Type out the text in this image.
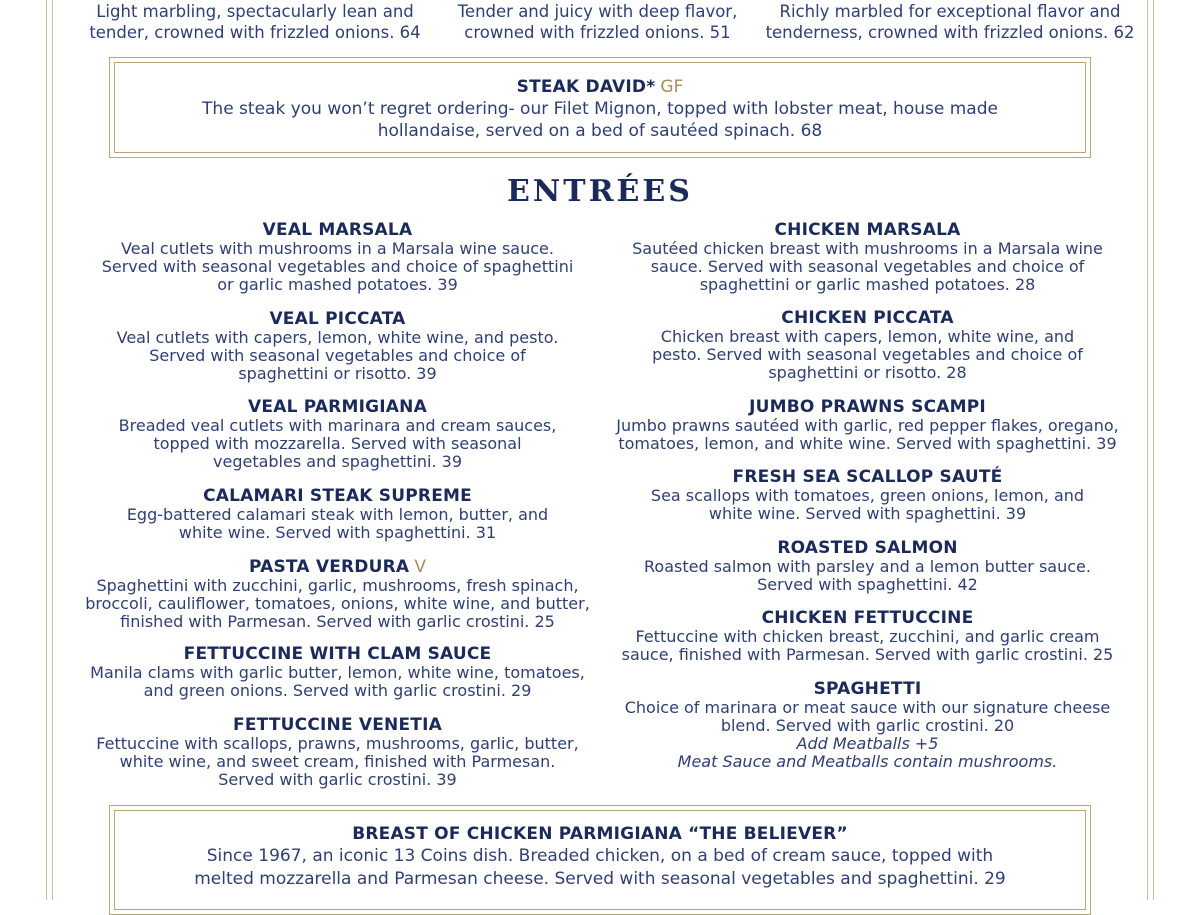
Light marbling, spectacularly lean and
tender, crowned with frizzled onions. 64
Tender and juicy with deep flavor,
crowned with frizzled onions. 51
Richly marbled for exceptional flavor and
tenderness, crowned with frizzled onions. 62
STEAK DAVID* GF
The steak you won’t regret ordering- our Filet Mignon, topped with lobster meat, house made
hollandaise, served on a bed of sautéed spinach. 68
ENTRÉES
VEAL MARSALA
Veal cutlets with mushrooms in a Marsala wine sauce.
Served with seasonal vegetables and choice of spaghettini
or garlic mashed potatoes. 39
VEAL PICCATA
Veal cutlets with capers, lemon, white wine, and pesto.
Served with seasonal vegetables and choice of
spaghettini or risotto. 39
VEAL PARMIGIANA
Breaded veal cutlets with marinara and cream sauces,
topped with mozzarella. Served with seasonal
vegetables and spaghettini. 39
CALAMARI STEAK SUPREME
Egg-battered calamari steak with lemon, butter, and
white wine. Served with spaghettini. 31
PASTA VERDURA V
Spaghettini with zucchini, garlic, mushrooms, fresh spinach,
broccoli, cauliflower, tomatoes, onions, white wine, and butter,
finished with Parmesan. Served with garlic crostini. 25
FETTUCCINE WITH CLAM SAUCE
Manila clams with garlic butter, lemon, white wine, tomatoes,
and green onions. Served with garlic crostini. 29
FETTUCCINE VENETIA
Fettuccine with scallops, prawns, mushrooms, garlic, butter,
white wine, and sweet cream, finished with Parmesan.
Served with garlic crostini. 39
CHICKEN MARSALA
Sautéed chicken breast with mushrooms in a Marsala wine
sauce. Served with seasonal vegetables and choice of
spaghettini or garlic mashed potatoes. 28
CHICKEN PICCATA
Chicken breast with capers, lemon, white wine, and
pesto. Served with seasonal vegetables and choice of
spaghettini or risotto. 28
JUMBO PRAWNS SCAMPI
Jumbo prawns sautéed with garlic, red pepper flakes, oregano,
tomatoes, lemon, and white wine. Served with spaghettini. 39
FRESH SEA SCALLOP SAUTÉ
Sea scallops with tomatoes, green onions, lemon, and
white wine. Served with spaghettini. 39
ROASTED SALMON
Roasted salmon with parsley and a lemon butter sauce.
Served with spaghettini. 42
CHICKEN FETTUCCINE
Fettuccine with chicken breast, zucchini, and garlic cream
sauce, finished with Parmesan. Served with garlic crostini. 25
SPAGHETTI
Choice of marinara or meat sauce with our signature cheese
blend. Served with garlic crostini. 20
Add Meatballs +5
Meat Sauce and Meatballs contain mushrooms.
BREAST OF CHICKEN PARMIGIANA “THE BELIEVER”
Since 1967, an iconic 13 Coins dish. Breaded chicken, on a bed of cream sauce, topped with
melted mozzarella and Parmesan cheese. Served with seasonal vegetables and spaghettini. 29
